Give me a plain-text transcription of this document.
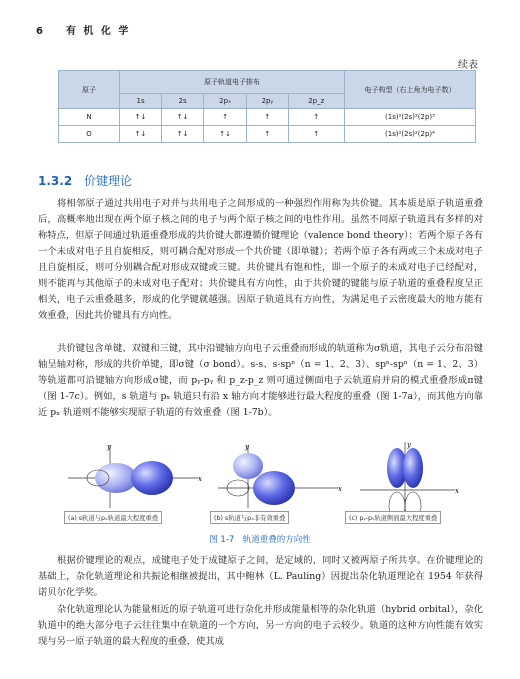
6 有 机 化 学
续表
原子	原子轨道电子排布					电子构型（右上角为电子数）
	1s	2s	2pₓ	2pᵧ	2p_z	
N	↑↓	↑↓	↑	↑	↑	(1s)²(2s)²(2p)³
O	↑↓	↑↓	↑↓	↑	↑	(1s)²(2s)²(2p)⁴
1.3.2 价键理论

将相邻原子通过共用电子对并与共用电子之间形成的一种强烈作用称为共价键。其本质是原子轨道重叠后，高概率地出现在两个原子核之间的电子与两个原子核之间的电性作用。虽然不同原子轨道具有多样的对称特点，但原子间通过轨道重叠形成的共价键大都遵循价键理论（valence bond theory）：若两个原子各有一个未成对电子且自旋相反，则可耦合配对形成一个共价键（即单键）；若两个原子各有两或三个未成对电子且自旋相反，则可分别耦合配对形成双键或三键。共价键具有饱和性，即一个原子的未成对电子已经配对，则不能再与其他原子的未成对电子配对；共价键具有方向性，由于共价键的键能与原子轨道的重叠程度呈正相关，电子云重叠越多，形成的化学键就越强。因原子轨道具有方向性，为满足电子云密度最大的地方能有效重叠，因此共价键具有方向性。

共价键包含单键、双键和三键，其中沿键轴方向电子云重叠而形成的轨道称为σ轨道，其电子云分布沿键轴呈轴对称，形成的共价单键，即σ键（σ bond）。s-s、s-spⁿ（n = 1、2、3）、spⁿ-spⁿ（n = 1、2、3）等轨道都可沿键轴方向形成σ键，而 pᵧ-pᵧ 和 p_z-p_z 则可通过侧面电子云轨道肩并肩的模式重叠形成π键（图 1-7c）。例如，s 轨道与 pₓ 轨道只有沿 x 轴方向才能够进行最大程度的重叠（图 1-7a），而其他方向靠近 pₓ 轨道则不能够实现原子轨道的有效重叠（图 1-7b）。

x
y
x
y
x
y
(a) s轨道与pₓ轨道最大程度重叠	(b) s轨道与pₓ非有效重叠	(c) pᵧ-pᵧ轨道侧面最大程度重叠
图 1-7　轨道重叠的方向性

根据价键理论的观点，成键电子处于成键原子之间，是定域的，同时又被两原子所共享。在价键理论的基础上，杂化轨道理论和共振论相继被提出，其中鲍林（L. Pauling）因提出杂化轨道理论在 1954 年获得诺贝尔化学奖。

杂化轨道理论认为能量相近的原子轨道可进行杂化并形成能量相等的杂化轨道（hybrid orbital），杂化轨道中的绝大部分电子云往往集中在轨道的一个方向，另一方向的电子云较少。轨道的这种方向性能有效实现与另一原子轨道的最大程度的重叠，使其成
